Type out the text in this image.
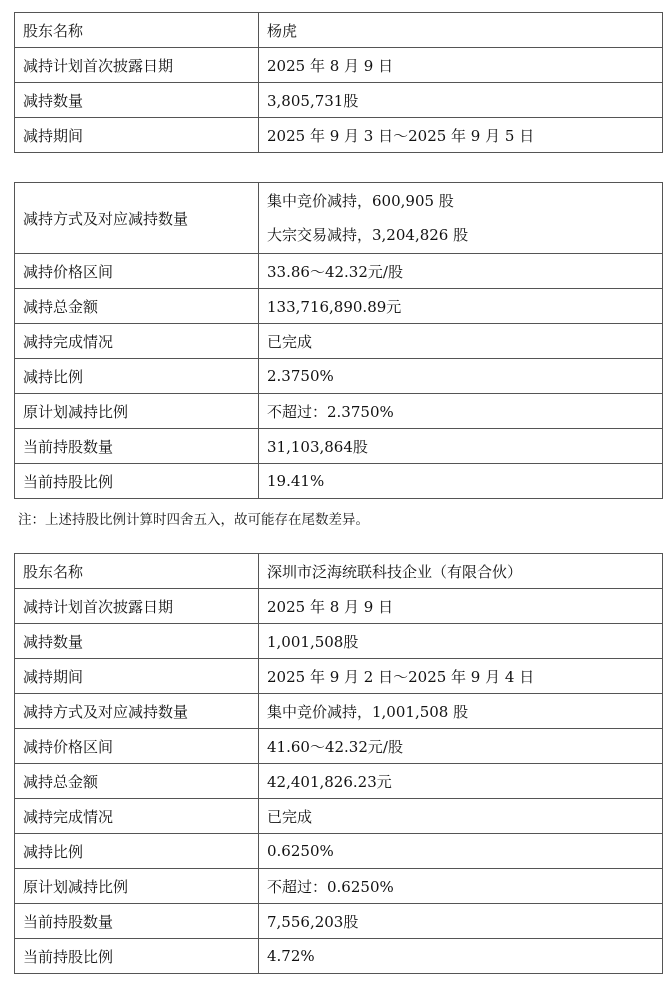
股东名称	杨虎
减持计划首次披露日期	2025 年 8 月 9 日
减持数量	3,805,731股
减持期间	2025 年 9 月 3 日～2025 年 9 月 5 日
减持方式及对应减持数量	集中竞价减持，600,905 股
大宗交易减持，3,204,826 股

减持价格区间	33.86～42.32元/股
减持总金额	133,716,890.89元
减持完成情况	已完成
减持比例	2.3750%
原计划减持比例	不超过：2.3750%
当前持股数量	31,103,864股
当前持股比例	19.41%
注：上述持股比例计算时四舍五入，故可能存在尾数差异。
股东名称	深圳市泛海统联科技企业（有限合伙）
减持计划首次披露日期	2025 年 8 月 9 日
减持数量	1,001,508股
减持期间	2025 年 9 月 2 日～2025 年 9 月 4 日
减持方式及对应减持数量	集中竞价减持，1,001,508 股
减持价格区间	41.60～42.32元/股
减持总金额	42,401,826.23元
减持完成情况	已完成
减持比例	0.6250%
原计划减持比例	不超过：0.6250%
当前持股数量	7,556,203股
当前持股比例	4.72%
